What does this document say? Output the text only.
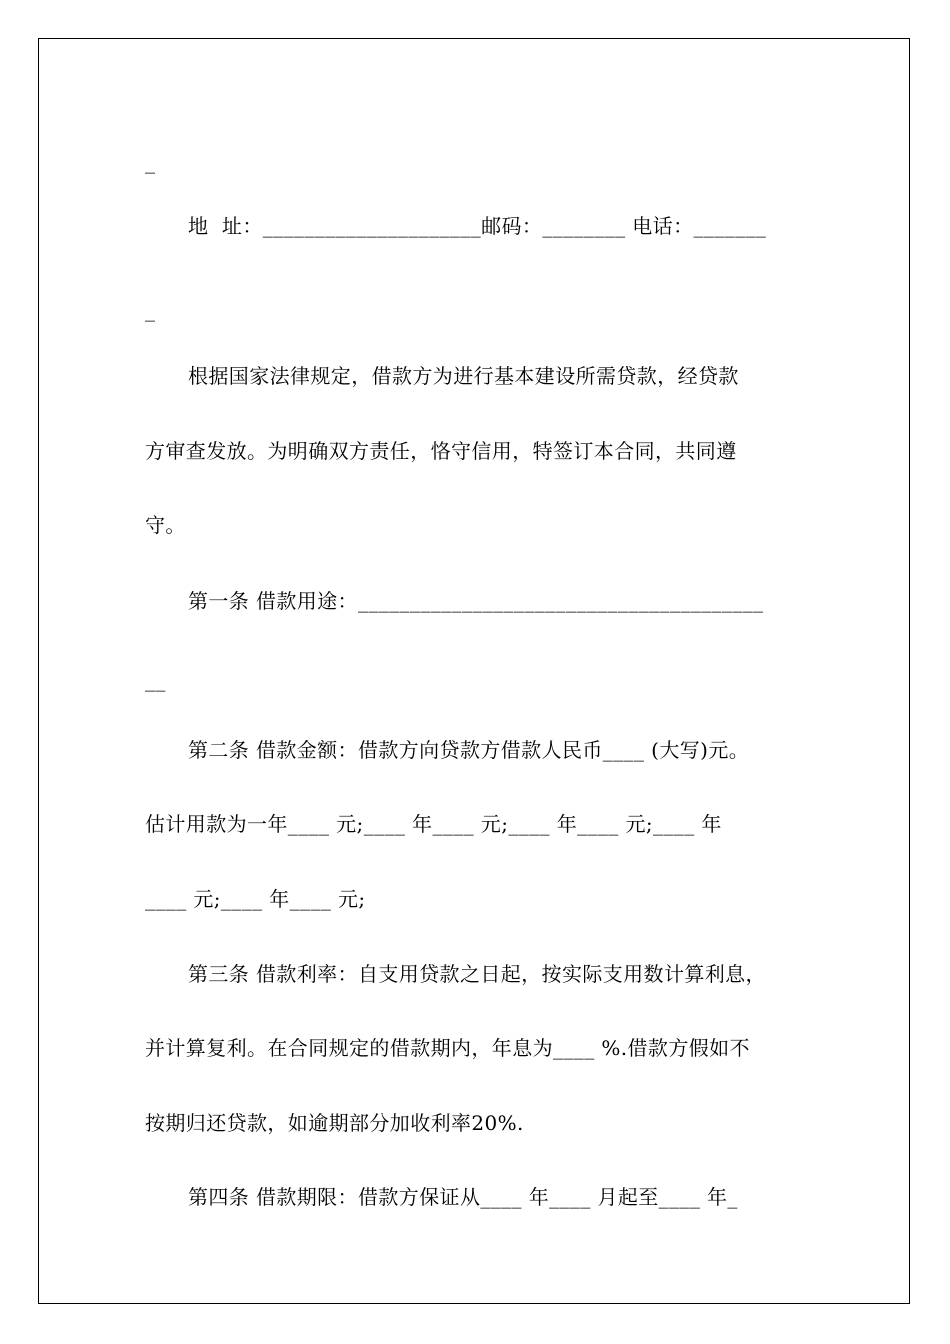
_
地  址：_____________________邮码：________ 电话：_______
_
根据国家法律规定，借款方为进行基本建设所需贷款，经贷款
方审查发放。为明确双方责任，恪守信用，特签订本合同，共同遵
守。
第一条 借款用途：_______________________________________
__
第二条 借款金额：借款方向贷款方借款人民币____ (大写)元。
估计用款为一年____ 元;____ 年____ 元;____ 年____ 元;____ 年
____ 元;____ 年____ 元;
第三条 借款利率：自支用贷款之日起，按实际支用数计算利息，
并计算复利。在合同规定的借款期内，年息为____ %.借款方假如不
按期归还贷款，如逾期部分加收利率20%.
第四条 借款期限：借款方保证从____ 年____ 月起至____ 年_
